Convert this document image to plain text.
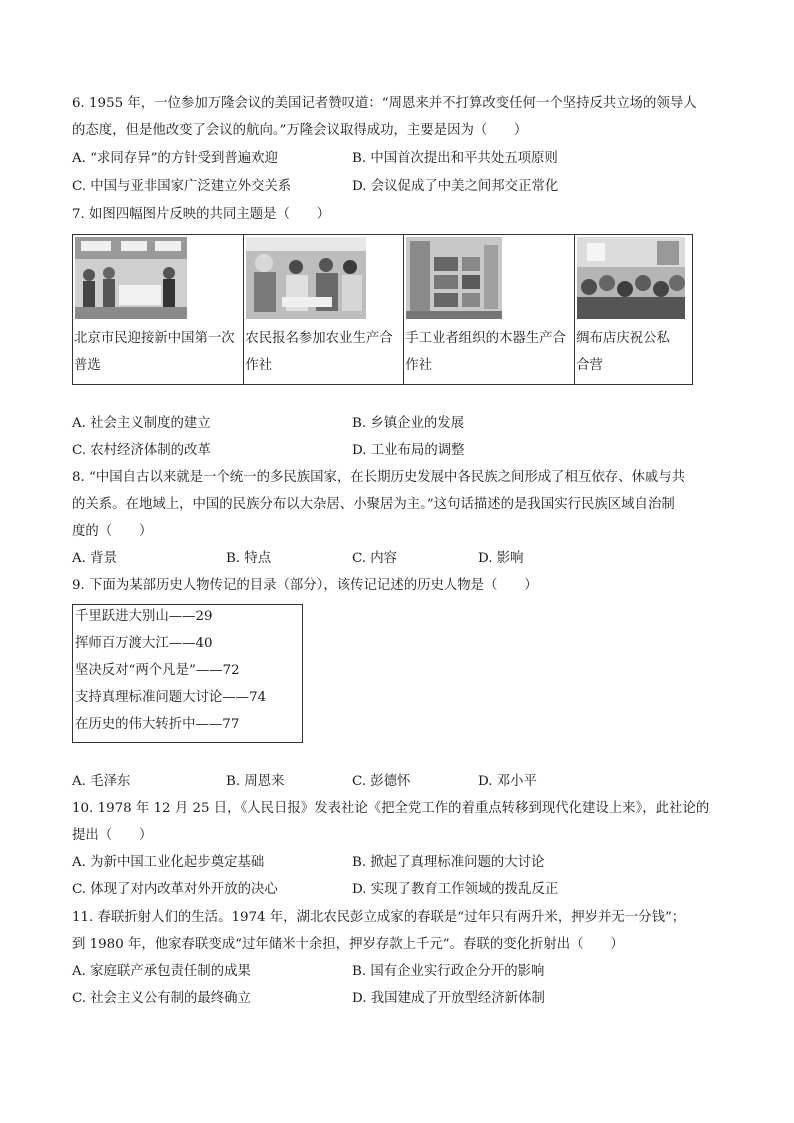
6. 1955 年，一位参加万隆会议的美国记者赞叹道：“周恩来并不打算改变任何一个坚持反共立场的领导人
的态度，但是他改变了会议的航向。”万隆会议取得成功，主要是因为（　　）
A. “求同存异”的方针受到普遍欢迎	B. 中国首次提出和平共处五项原则
C. 中国与亚非国家广泛建立外交关系	D. 会议促成了中美之间邦交正常化
7. 如图四幅图片反映的共同主题是（　　）
北京市民迎接新中国第一次
普选

农民报名参加农业生产合
作社

手工业者组织的木器生产合
作社

绸布店庆祝公私
合营
A. 社会主义制度的建立	B. 乡镇企业的发展
C. 农村经济体制的改革	D. 工业布局的调整
8. “中国自古以来就是一个统一的多民族国家，在长期历史发展中各民族之间形成了相互依存、休戚与共
的关系。在地域上，中国的民族分布以大杂居、小聚居为主。”这句话描述的是我国实行民族区域自治制
度的（　　）
A. 背景	B. 特点	C. 内容	D. 影响
9. 下面为某部历史人物传记的目录（部分），该传记记述的历史人物是（　　）
千里跃进大别山——29
挥师百万渡大江——40
坚决反对“两个凡是”——72
支持真理标准问题大讨论——74
在历史的伟大转折中——77
A. 毛泽东	B. 周恩来	C. 彭德怀	D. 邓小平
10. 1978 年 12 月 25 日，《人民日报》发表社论《把全党工作的着重点转移到现代化建设上来》，此社论的
提出（　　）
A. 为新中国工业化起步奠定基础	B. 掀起了真理标准问题的大讨论
C. 体现了对内改革对外开放的决心	D. 实现了教育工作领域的拨乱反正
11. 春联折射人们的生活。1974 年，湖北农民彭立成家的春联是“过年只有两升米，押岁并无一分钱”；
到 1980 年，他家春联变成“过年储米十余担，押岁存款上千元”。春联的变化折射出（　　）
A. 家庭联产承包责任制的成果	B. 国有企业实行政企分开的影响
C. 社会主义公有制的最终确立	D. 我国建成了开放型经济新体制
